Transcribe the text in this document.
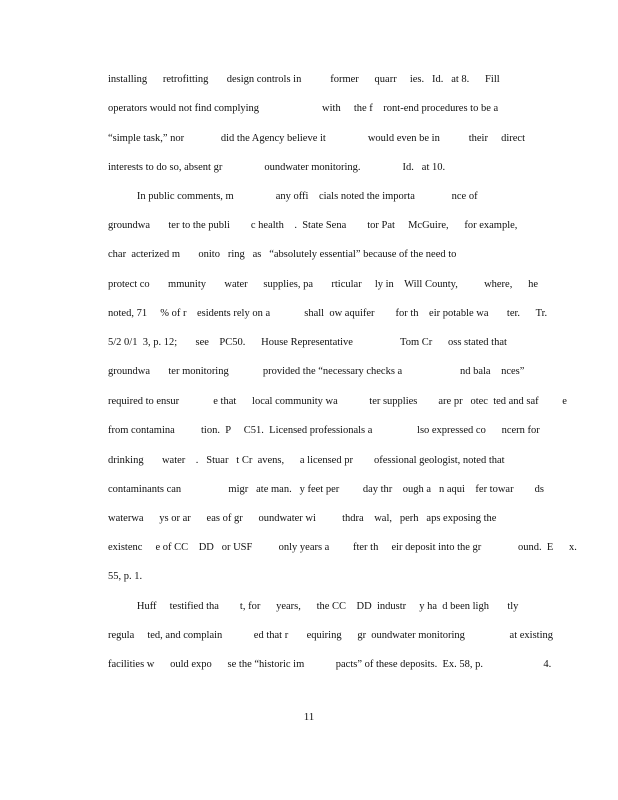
installing      retrofitting       design controls in           former      quarr     ies.   Id.   at 8.      Fill

operators would not find complying                        with     the f    ront-end procedures to be a

“simple task,” nor              did the Agency believe it                would even be in           their     direct

interests to do so, absent gr                oundwater monitoring.                Id.   at 10.

In public comments, m                any offi    cials noted the importa              nce of

groundwa       ter to the publi        c health    .  State Sena        tor Pat     McGuire,      for example,

char  acterized m       onito   ring   as   “absolutely essential” because of the need to

protect co       mmunity       water      supplies, pa       rticular     ly in    Will County,          where,      he

noted, 71     % of r    esidents rely on a             shall  ow aquifer        for th    eir potable wa       ter.      Tr.

5/2 0/1  3, p. 12;       see    PC50.      House Representative                  Tom Cr      oss stated that

groundwa       ter monitoring             provided the “necessary checks a                      nd bala    nces”

required to ensur             e that      local community wa            ter supplies        are pr   otec  ted and saf         e

from contamina          tion.  P     C51.  Licensed professionals a                 lso expressed co      ncern for

drinking       water    .   Stuar   t Cr  avens,      a licensed pr        ofessional geologist, noted that

contaminants can                  migr   ate man.   y feet per         day thr    ough a   n aqui    fer towar        ds

waterwa      ys or ar      eas of gr      oundwater wi          thdra    wal,   perh   aps exposing the

existenc     e of CC    DD   or USF          only years a         fter th     eir deposit into the gr              ound.  E      x.

55, p. 1.

Huff     testified tha        t, for      years,      the CC    DD  industr     y ha  d been ligh       tly

regula     ted, and complain            ed that r       equiring      gr  oundwater monitoring                 at existing

facilities w      ould expo      se the “historic im            pacts” of these deposits.  Ex. 58, p.                       4.

11
